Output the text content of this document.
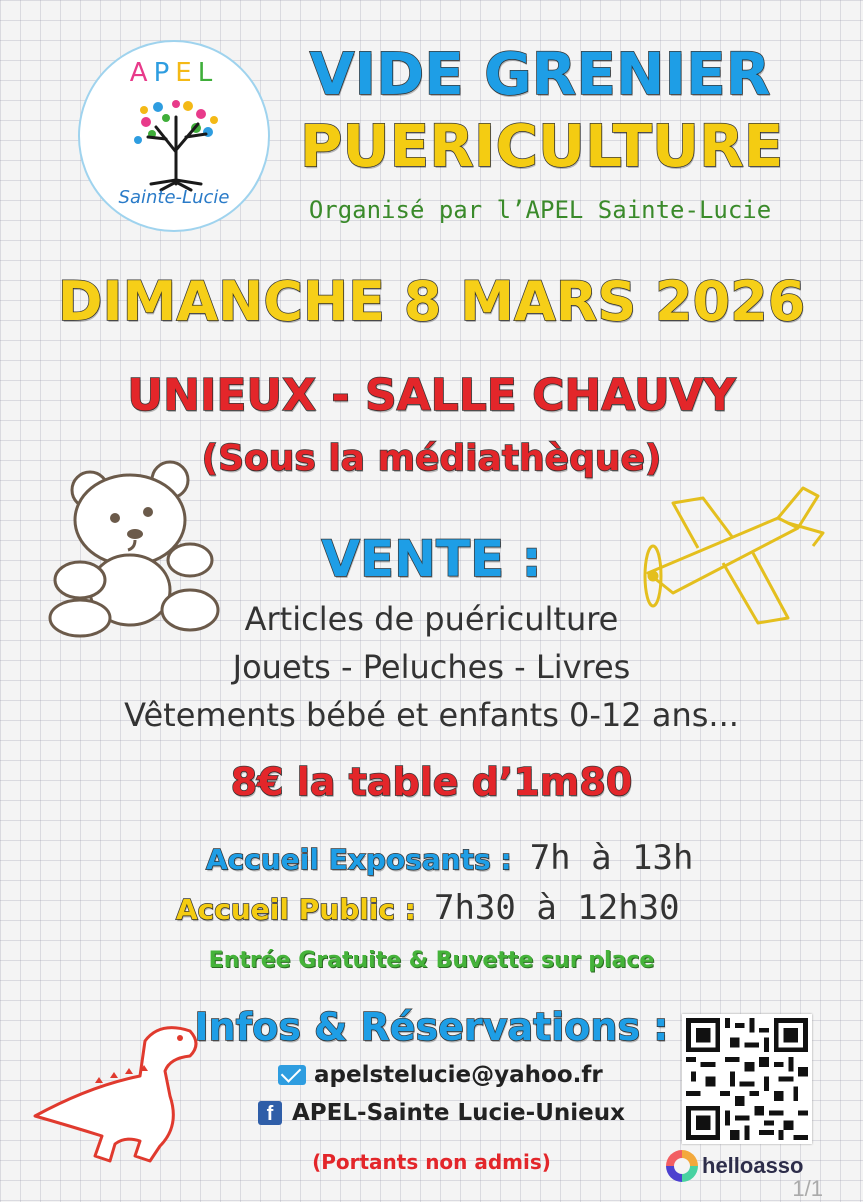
APEL
Sainte-Lucie
VIDE GRENIER
PUERICULTURE
Organisé par l’APEL Sainte-Lucie
DIMANCHE 8 MARS 2026
UNIEUX - SALLE CHAUVY
(Sous la médiathèque)
VENTE :
Articles de puériculture
Jouets - Peluches - Livres
Vêtements bébé et enfants 0-12 ans...
8€ la table d’1m80
Accueil Exposants : 7h à 13h
Accueil Public : 7h30 à 12h30
Entrée Gratuite & Buvette sur place
Infos & Réservations :
apelstelucie@yahoo.fr
f APEL-Sainte Lucie-Unieux
(Portants non admis)	helloasso
1/1
